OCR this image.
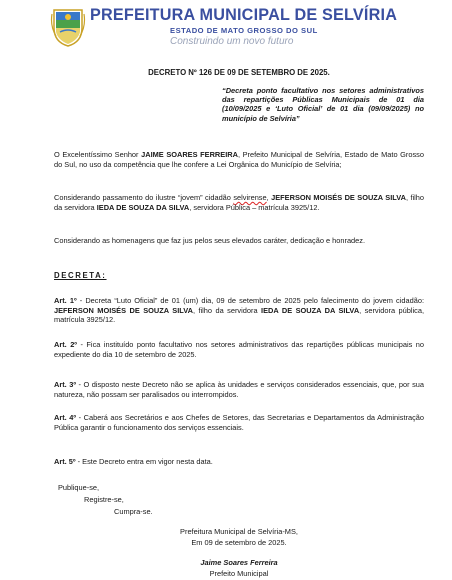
PREFEITURA MUNICIPAL DE SELVÍRIA
ESTADO DE MATO GROSSO DO SUL
Construindo um novo futuro
DECRETO Nº 126 DE 09 DE SETEMBRO DE 2025.
“Decreta ponto facultativo nos setores administrativos das repartições Públicas Municipais de 01 dia (10/09/2025 e ‘Luto Oficial’ de 01 dia (09/09/2025) no município de Selvíria”
O Excelentíssimo Senhor JAIME SOARES FERREIRA, Prefeito Municipal de Selvíria, Estado de Mato Grosso do Sul, no uso da competência que lhe confere a Lei Orgânica do Município de Selvíria;
Considerando passamento do ilustre “jovem” cidadão selvirense, JEFERSON MOISÉS DE SOUZA SILVA, filho da servidora IEDA DE SOUZA DA SILVA, servidora Pública – matrícula 3925/12.
Considerando as homenagens que faz jus pelos seus elevados caráter, dedicação e honradez.
DECRETA:
Art. 1º - Decreta “Luto Oficial” de 01 (um) dia, 09 de setembro de 2025 pelo falecimento do jovem cidadão: JEFERSON MOISÉS DE SOUZA SILVA, filho da servidora IEDA DE SOUZA DA SILVA, servidora pública, matrícula 3925/12.
Art. 2º - Fica instituído ponto facultativo nos setores administrativos das repartições públicas municipais no expediente do dia 10 de setembro de 2025.
Art. 3º - O disposto neste Decreto não se aplica às unidades e serviços considerados essenciais, que, por sua natureza, não possam ser paralisados ou interrompidos.
Art. 4º - Caberá aos Secretários e aos Chefes de Setores, das Secretarias e Departamentos da Administração Pública garantir o funcionamento dos serviços essenciais.
Art. 5º - Este Decreto entra em vigor nesta data.
Publique-se,
Registre-se,
Cumpra-se.
Prefeitura Municipal de Selvíria-MS,
Em 09 de setembro de 2025.
Jaime Soares Ferreira
Prefeito Municipal
